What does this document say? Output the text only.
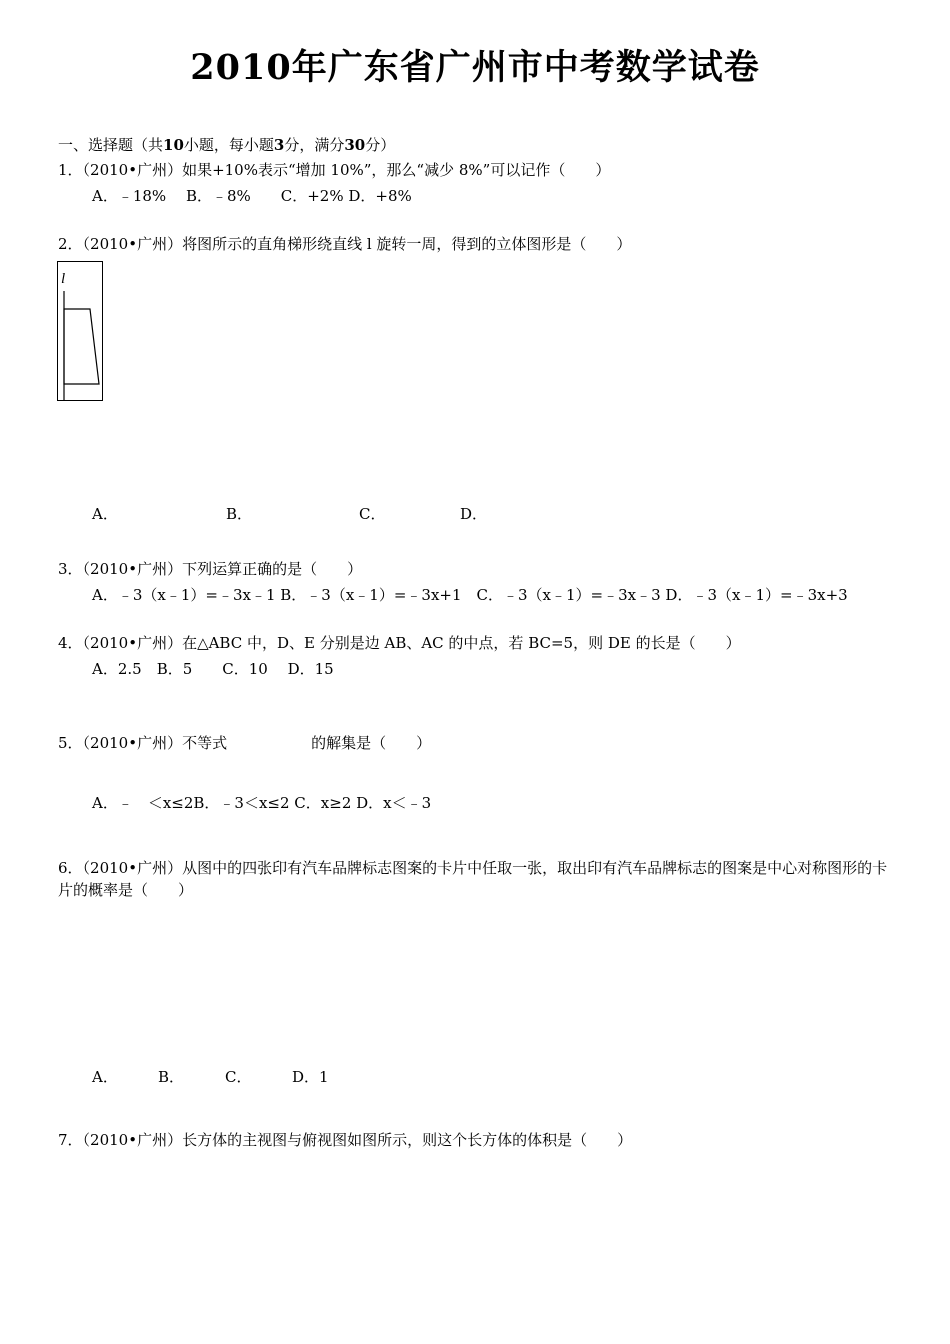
2010年广东省广州市中考数学试卷
一、选择题（共10小题，每小题3分，满分30分）
1．（2010•广州）如果+10%表示“增加 10%”，那么“减少 8%”可以记作（　　）
A．﹣18%　 B．﹣8%　　C．+2% D．+8%
2．（2010•广州）将图所示的直角梯形绕直线 l 旋转一周，得到的立体图形是（　　）
l
A．	B．	C．	D．
3．（2010•广州）下列运算正确的是（　　）
A．﹣3（x﹣1）=﹣3x﹣1 B．﹣3（x﹣1）=﹣3x+1　C．﹣3（x﹣1）=﹣3x﹣3 D．﹣3（x﹣1）=﹣3x+3
4．（2010•广州）在△ABC 中，D、E 分别是边 AB、AC 的中点，若 BC=5，则 DE 的长是（　　）
A．2.5　B．5　　C．10　 D．15
5．（2010•广州）不等式	的解集是（　　）
A．﹣　＜x≤2B．﹣3＜x≤2 C．x≥2 D．x＜﹣3
6．（2010•广州）从图中的四张印有汽车品牌标志图案的卡片中任取一张，取出印有汽车品牌标志的图案是中心对称图形的卡片的概率是（　　）
A．	B．	C．	D．1
7．（2010•广州）长方体的主视图与俯视图如图所示，则这个长方体的体积是（　　）
